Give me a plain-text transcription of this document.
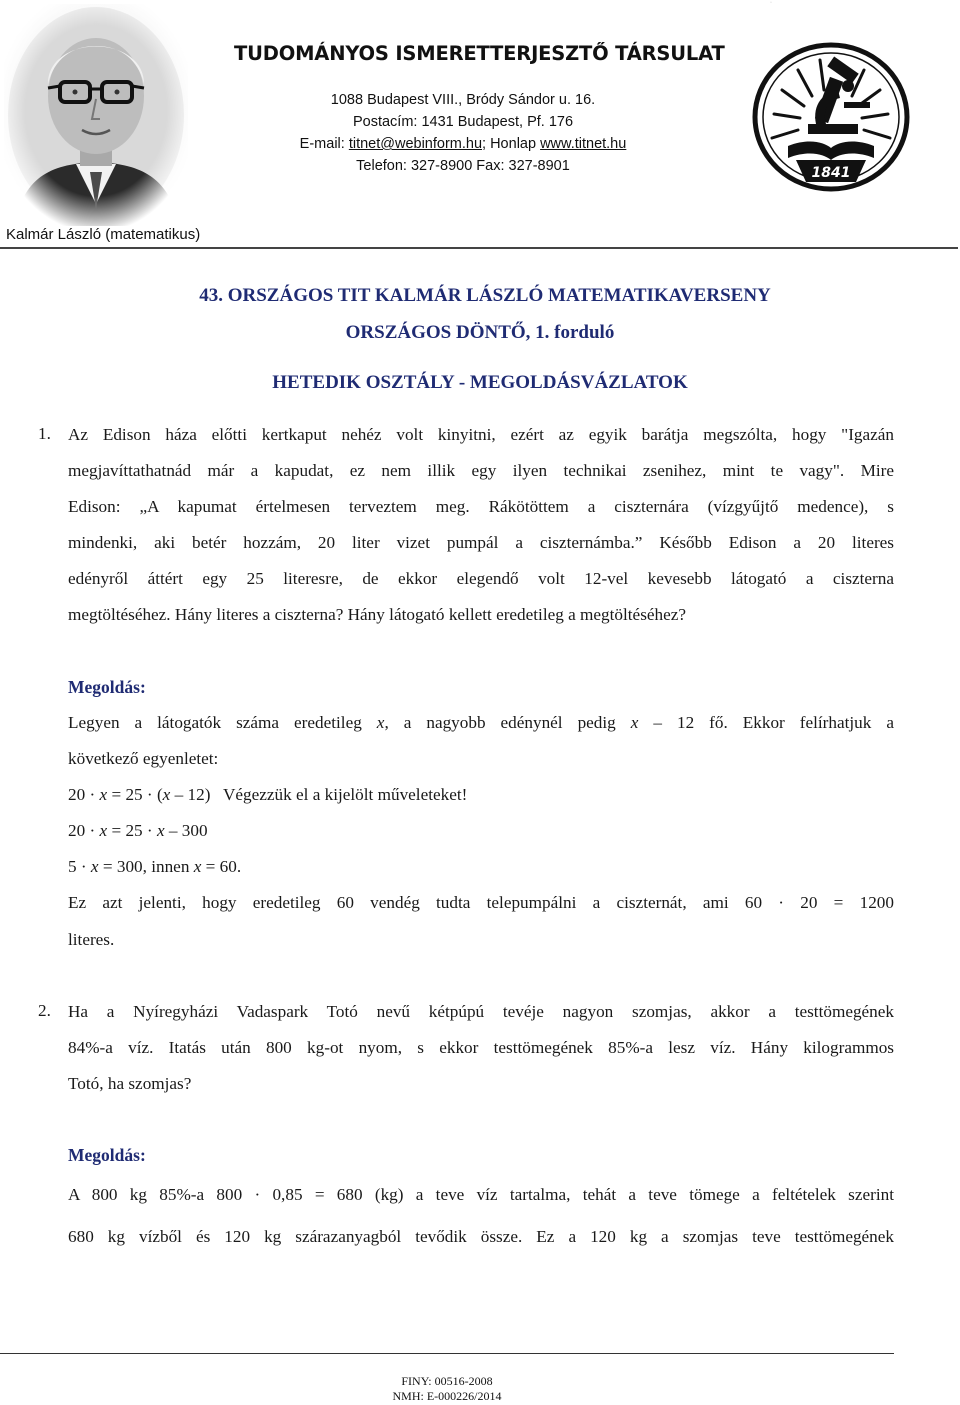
Kalmár László (matematikus)
TUDOMÁNYOS ISMERETTERJESZTŐ TÁRSULAT
1088 Budapest VIII., Bródy Sándor u. 16.
Postacím: 1431 Budapest, Pf. 176
E-mail: titnet@webinform.hu; Honlap www.titnet.hu
Telefon: 327-8900 Fax: 327-8901	1841
·
43. ORSZÁGOS TIT KALMÁR LÁSZLÓ MATEMATIKAVERSENY
ORSZÁGOS DÖNTŐ, 1. forduló
HETEDIK OSZTÁLY - MEGOLDÁSVÁZLATOK
1. Az Edison háza előtti kertkaput nehéz volt kinyitni, ezért az egyik barátja megszólta, hogy "Igazán
megjavíttathatnád már a kapudat, ez nem illik egy ilyen technikai zsenihez, mint te vagy". Mire
Edison: „A kapumat értelmesen terveztem meg. Rákötöttem a ciszternára (vízgyűjtő medence), s
mindenki, aki betér hozzám, 20 liter vizet pumpál a ciszternámba.” Később Edison a 20 literes
edényről áttért egy 25 literesre, de ekkor elegendő volt 12-vel kevesebb látogató a ciszterna
megtöltéséhez. Hány literes a ciszterna? Hány látogató kellett eredetileg a megtöltéséhez?
Megoldás:
Legyen a látogatók száma eredetileg x, a nagyobb edénynél pedig x – 12 fő. Ekkor felírhatjuk a
következő egyenletet:
20 · x = 25 · (x – 12)   Végezzük el a kijelölt műveleteket!
20 · x = 25 · x – 300
5 · x = 300, innen x = 60.
Ez azt jelenti, hogy eredetileg 60 vendég tudta telepumpálni a ciszternát, ami 60 · 20 = 1200
literes.
2. Ha a Nyíregyházi Vadaspark Totó nevű kétpúpú tevéje nagyon szomjas, akkor a testtömegének
84%-a víz. Itatás után 800 kg-ot nyom, s ekkor testtömegének 85%-a lesz víz. Hány kilogrammos
Totó, ha szomjas?
Megoldás:
A 800 kg 85%-a 800 · 0,85 = 680 (kg) a teve víz tartalma, tehát a teve tömege a feltételek szerint
680 kg vízből és 120 kg szárazanyagból tevődik össze. Ez a 120 kg a szomjas teve testtömegének
FINY: 00516-2008
NMH: E-000226/2014
